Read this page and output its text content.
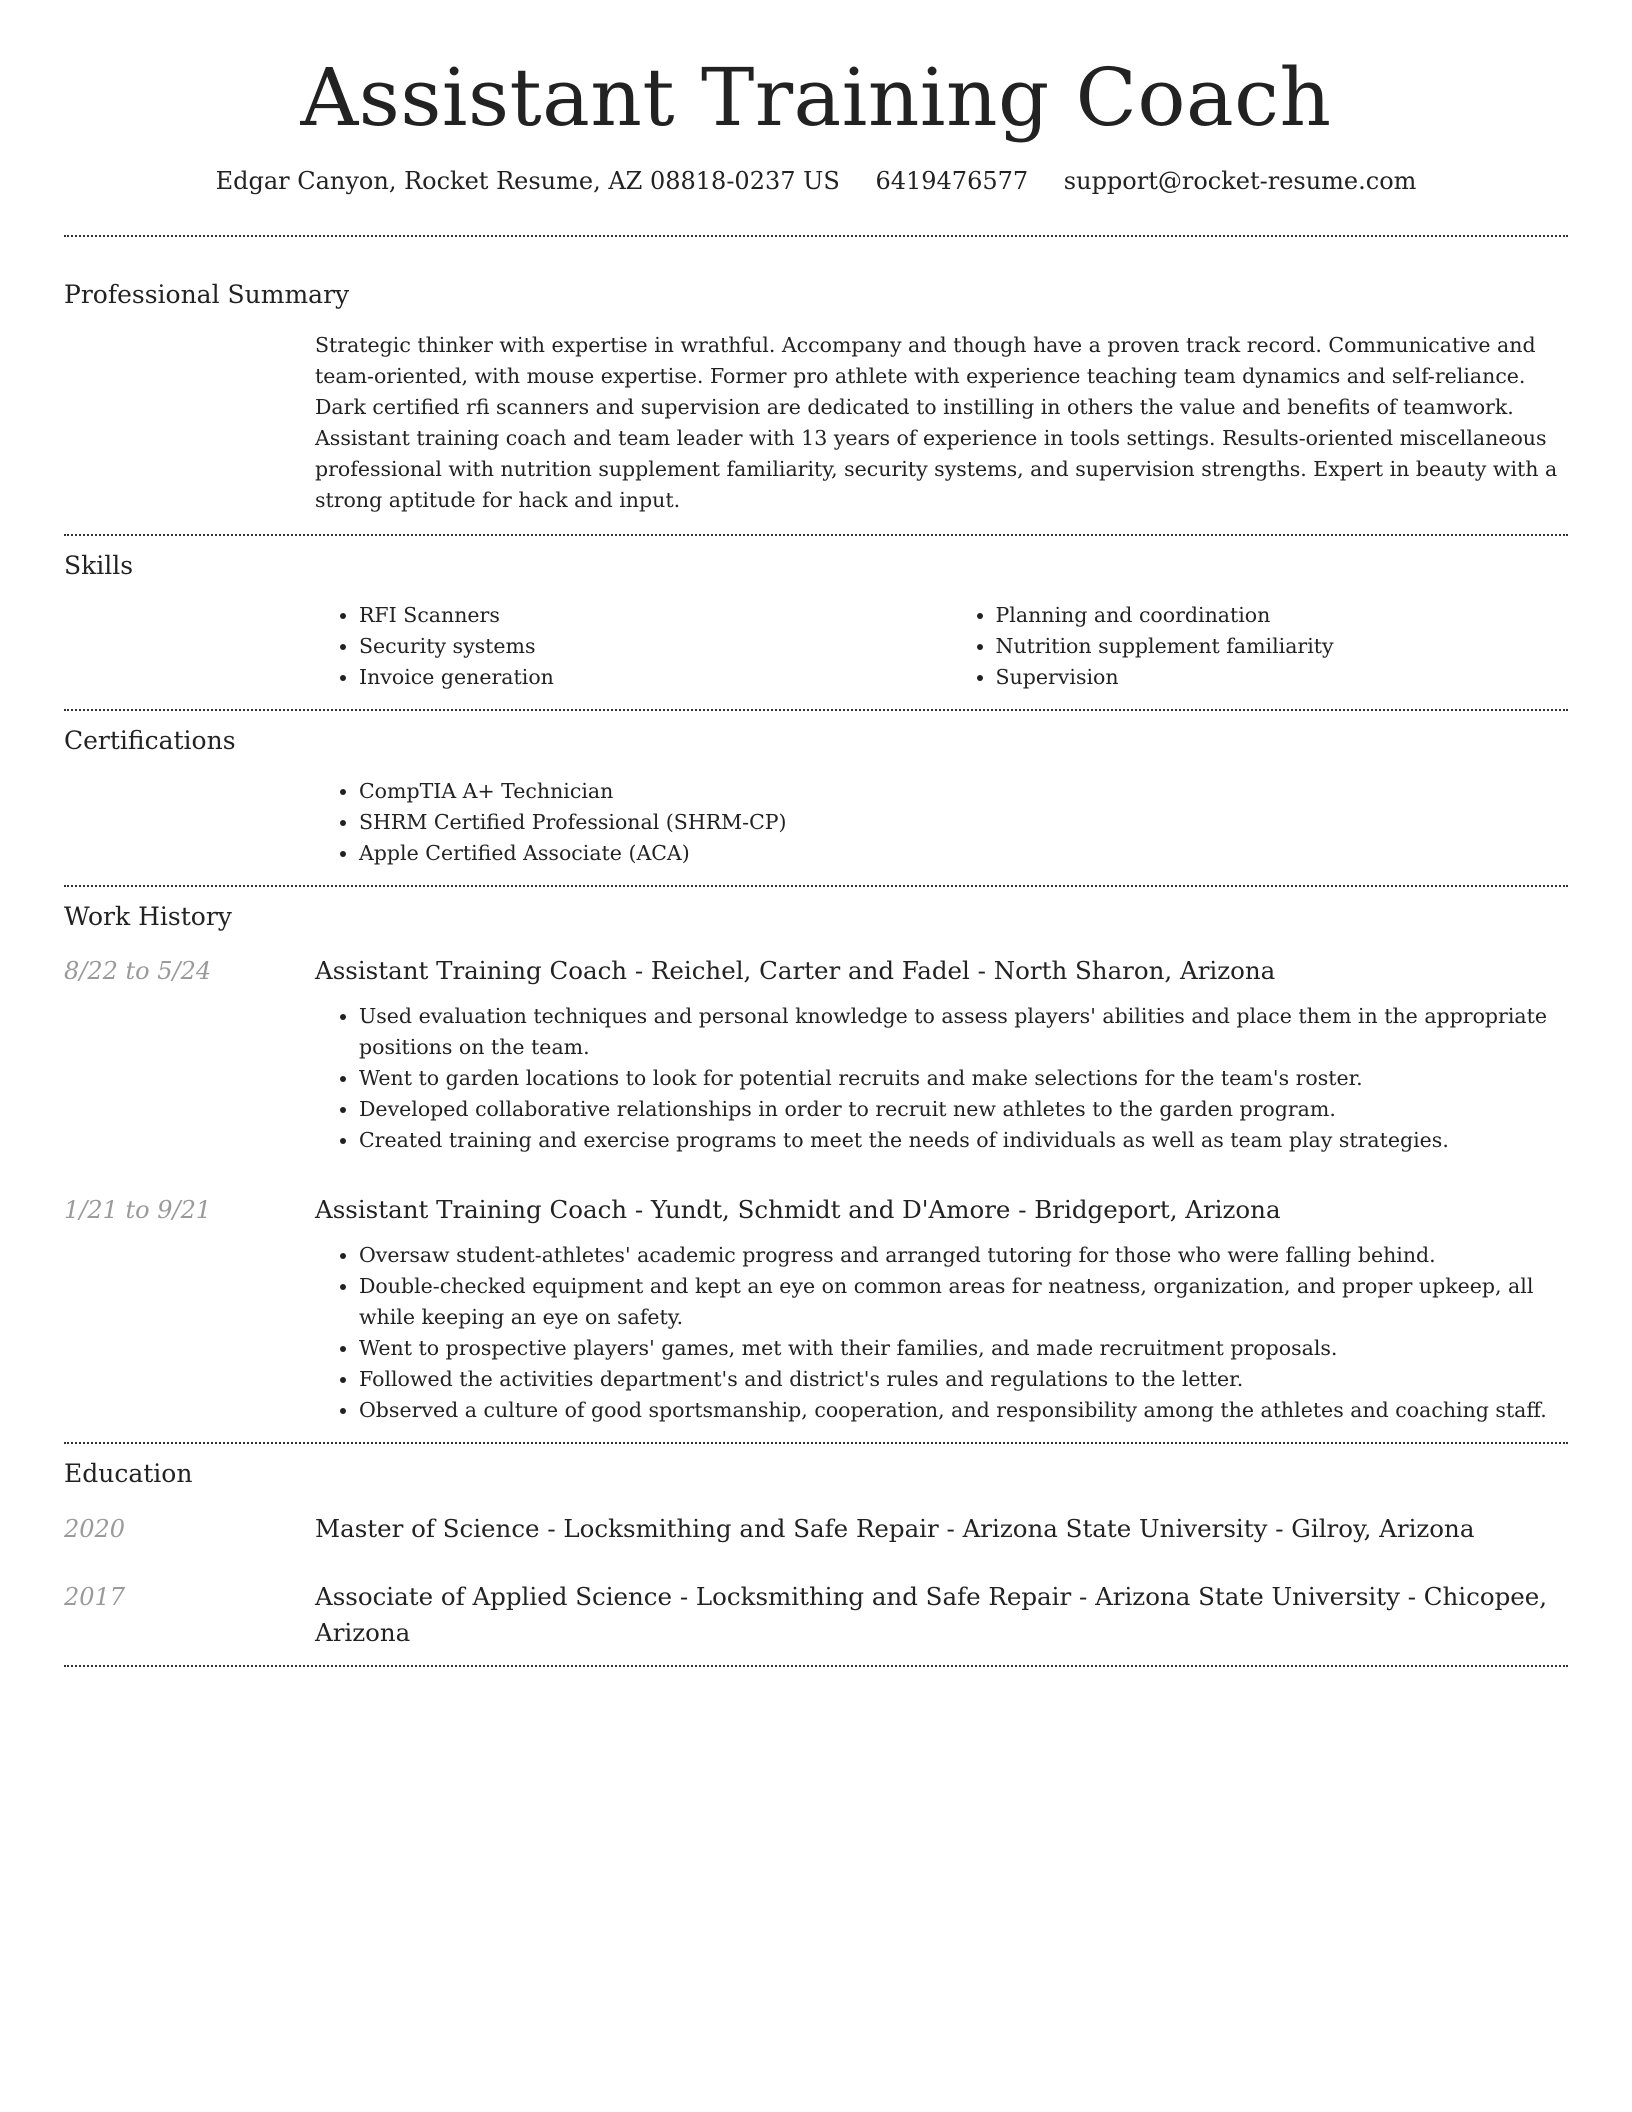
Assistant Training Coach
Edgar Canyon, Rocket Resume, AZ 08818-0237 US 6419476577 support@rocket-resume.com
Professional Summary
Strategic thinker with expertise in wrathful. Accompany and though have a proven track record. Communicative and team-oriented, with mouse expertise. Former pro athlete with experience teaching team dynamics and self-reliance. Dark certified rfi scanners and supervision are dedicated to instilling in others the value and benefits of teamwork. Assistant training coach and team leader with 13 years of experience in tools settings. Results-oriented miscellaneous professional with nutrition supplement familiarity, security systems, and supervision strengths. Expert in beauty with a strong aptitude for hack and input.
Skills
• RFI Scanners
• Security systems
• Invoice generation
• Planning and coordination
• Nutrition supplement familiarity
• Supervision
Certifications
• CompTIA A+ Technician
• SHRM Certified Professional (SHRM-CP)
• Apple Certified Associate (ACA)
Work History
8/22 to 5/24	Assistant Training Coach - Reichel, Carter and Fadel - North Sharon, Arizona
• Used evaluation techniques and personal knowledge to assess players' abilities and place them in the appropriate positions on the team.
• Went to garden locations to look for potential recruits and make selections for the team's roster.
• Developed collaborative relationships in order to recruit new athletes to the garden program.
• Created training and exercise programs to meet the needs of individuals as well as team play strategies.
1/21 to 9/21	Assistant Training Coach - Yundt, Schmidt and D'Amore - Bridgeport, Arizona
• Oversaw student-athletes' academic progress and arranged tutoring for those who were falling behind.
• Double-checked equipment and kept an eye on common areas for neatness, organization, and proper upkeep, all while keeping an eye on safety.
• Went to prospective players' games, met with their families, and made recruitment proposals.
• Followed the activities department's and district's rules and regulations to the letter.
• Observed a culture of good sportsmanship, cooperation, and responsibility among the athletes and coaching staff.
Education
2020	Master of Science - Locksmithing and Safe Repair - Arizona State University - Gilroy, Arizona
2017	Associate of Applied Science - Locksmithing and Safe Repair - Arizona State University - Chicopee, Arizona
